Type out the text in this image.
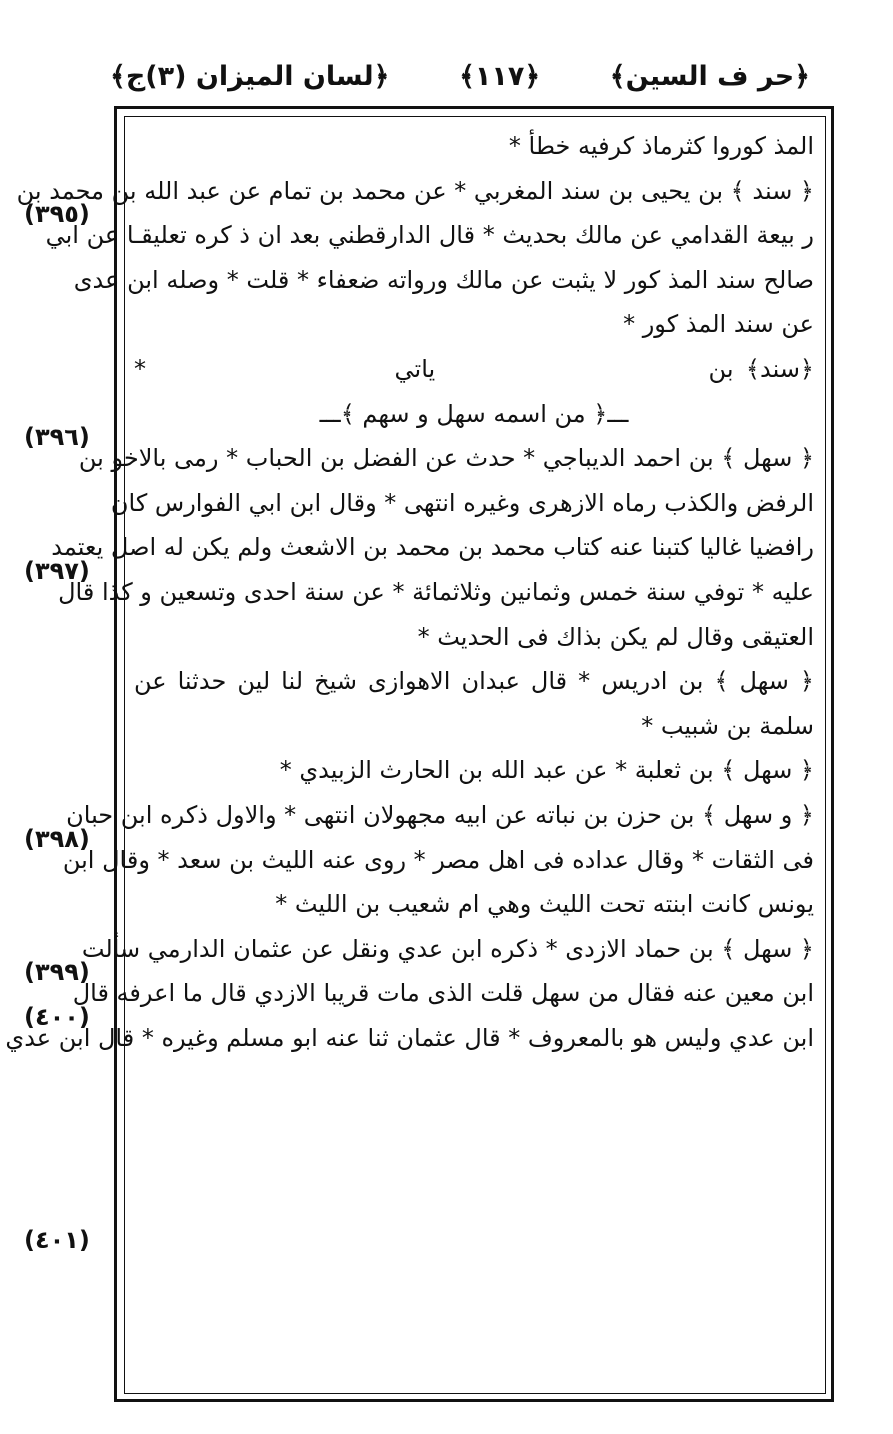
﴿حر ف السين﴾
﴿١١٧﴾
﴿لسان الميزان (٣)ج﴾
المذ كوروا كثرماذ كرفيه خطأ *
﴿ سند ﴾ بن يحيى بن سند المغربي * عن محمد بن تمام عن عبد الله بن محمد بن
ر بيعة القدامي عن مالك بحديث * قال الدارقطني بعد ان ذ كره تعليقـا عن ابي
صالح سند المذ كور لا يثبت عن مالك ورواته ضعفاء * قلت * وصله ابن عدى
عن سند المذ كور *
﴿سند﴾ بن                      ياتي                    *
ـــ﴿ من اسمه سهل و سهم ﴾ـــ
﴿ سهل ﴾ بن احمد الديباجي * حدث عن الفضل بن الحباب * رمى بالاخو بن
الرفض والكذب رماه الازهرى وغيره انتهى * وقال ابن ابي الفوارس كان
رافضيا غاليا كتبنا عنه كتاب محمد بن محمد بن الاشعث ولم يكن له اصل يعتمد
عليه * توفي سنة خمس وثمانين وثلاثمائة * عن سنة احدى وتسعين و كذا قال
العتيقى وقال لم يكن بذاك فى الحديث *
﴿ سهل ﴾ بن ادريس * قال عبدان الاهوازى شيخ لنا لين حدثنا عن
سلمة بن شبيب *
﴿ سهل ﴾ بن ثعلبة * عن عبد الله بن الحارث الزبيدي *
﴿ و سهل ﴾ بن حزن بن نباته عن ابيه مجهولان انتهى * والاول ذكره ابن حبان
فى الثقات * وقال عداده فى اهل مصر * روى عنه الليث بن سعد * وقال ابن
يونس كانت ابنته تحت الليث وهي ام شعيب بن الليث *
﴿ سهل ﴾ بن حماد الازدى * ذكره ابن عدي ونقل عن عثمان الدارمي سألت
ابن معين عنه فقال من سهل قلت الذى مات قريبا الازدي قال ما اعرفه قال
ابن عدي وليس هو بالمعروف * قال عثمان ثنا عنه ابو مسلم وغيره * قال ابن عدي
(٣٩٥)
(٣٩٦)
(٣٩٧)
(٣٩٨)
(٣٩٩)
(٤٠٠)
(٤٠١)
